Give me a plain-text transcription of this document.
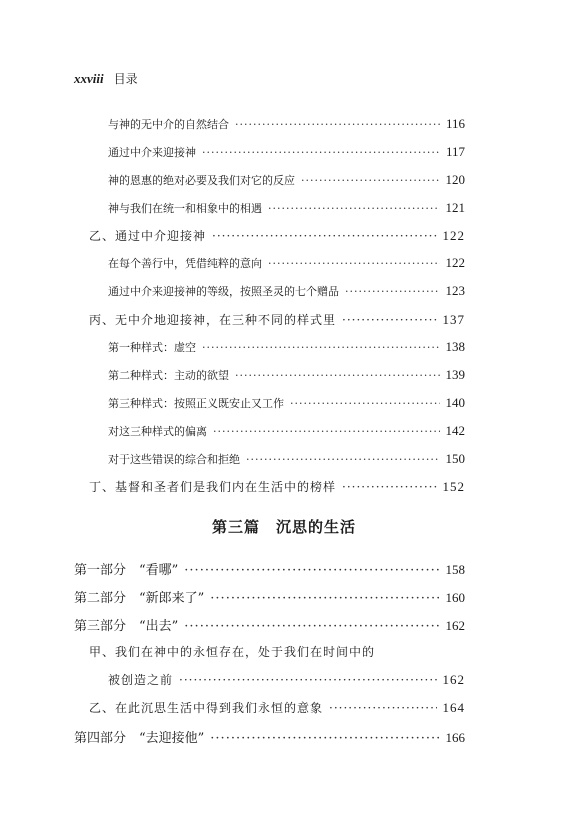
xxviii 目录
与神的无中介的自然结合 ·····	116
通过中介来迎接神 ·····	117
神的恩惠的绝对必要及我们对它的反应 ·····	120
神与我们在统一和相象中的相遇 ·····	121
乙、通过中介迎接神 ·····	122
在每个善行中，凭借纯粹的意向 ·····	122
通过中介来迎接神的等级，按照圣灵的七个赠品 ·····	123
丙、无中介地迎接神，在三种不同的样式里 ·····	137
第一种样式：虚空 ·····	138
第二种样式：主动的欲望 ·····	139
第三种样式：按照正义既安止又工作 ·····	140
对这三种样式的偏离 ·····	142
对于这些错误的综合和拒绝 ·····	150
丁、基督和圣者们是我们内在生活中的榜样 ·····	152
第三篇 沉思的生活
第一部分　“看哪” ·····	158
第二部分　“新郎来了” ·····	160
第三部分　“出去” ·····	162
甲、我们在神中的永恒存在，处于我们在时间中的
被创造之前 ·····	162
乙、在此沉思生活中得到我们永恒的意象 ·····	164
第四部分　“去迎接他” ·····	166
